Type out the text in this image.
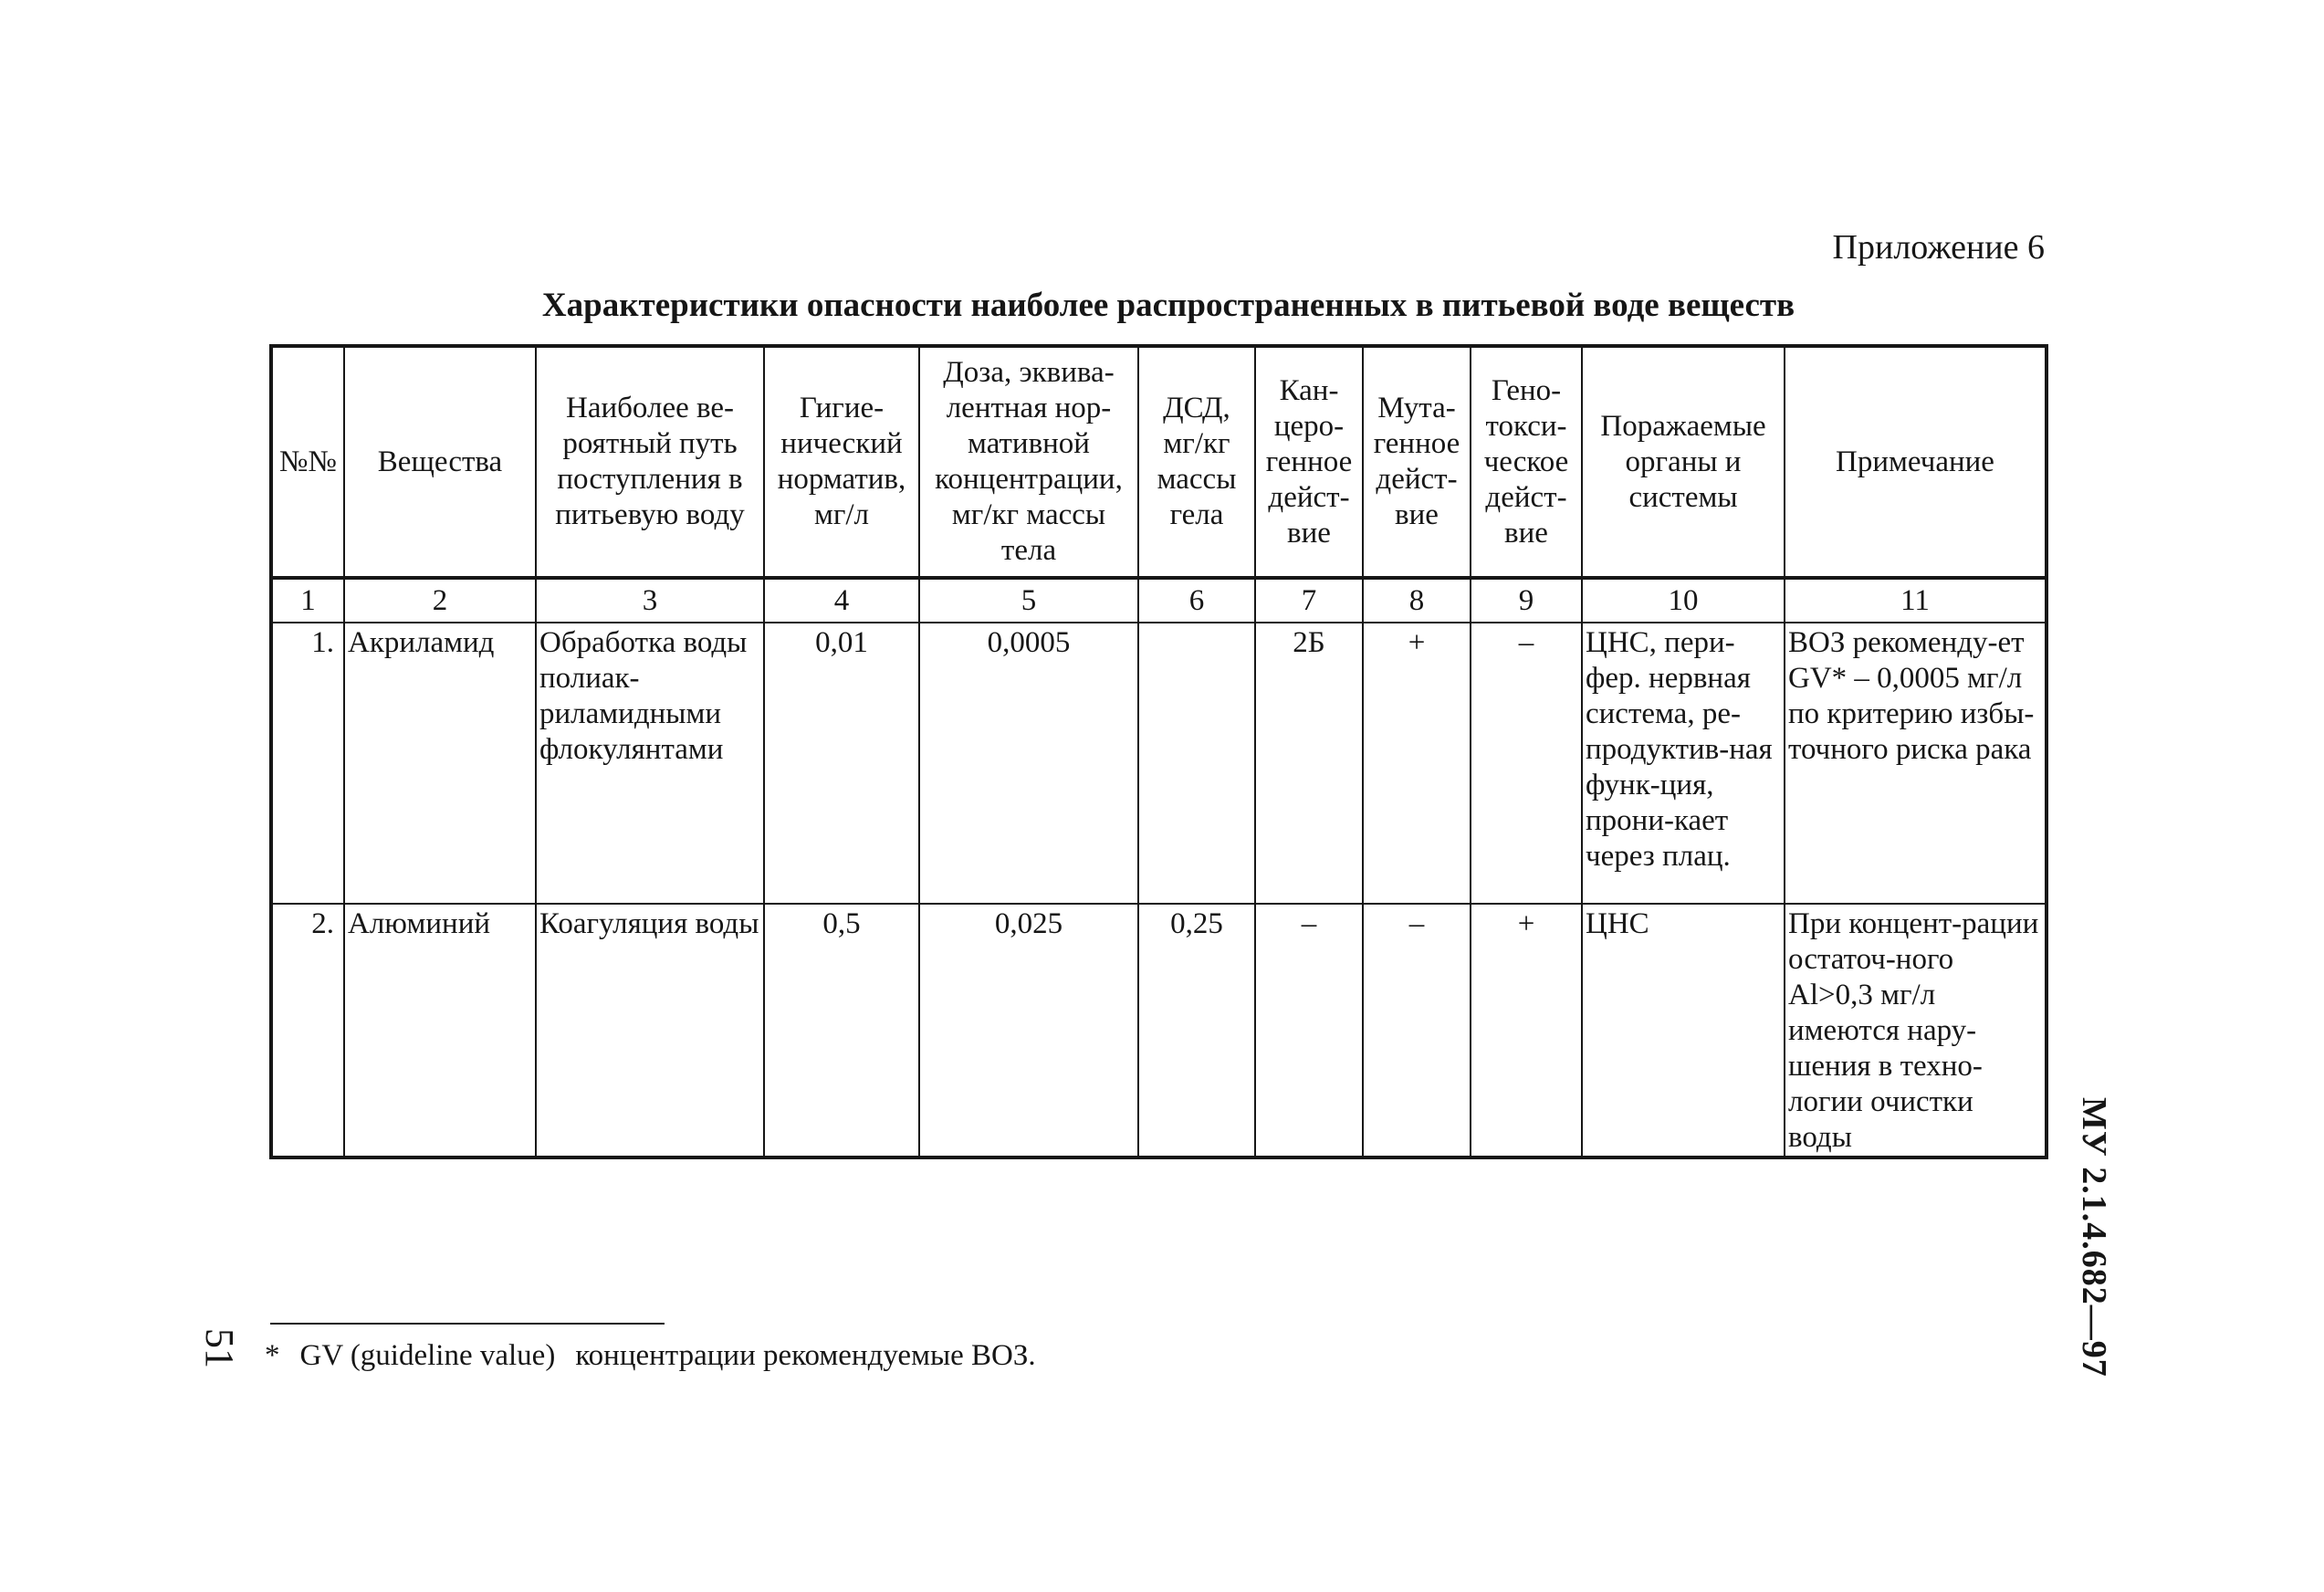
Приложение 6
Характеристики опасности наиболее распространенных в питьевой воде веществ
№№	Вещества	Наиболее ве-роятный путь поступления в питьевую воду	Гигие-нический норматив, мг/л	Доза, эквива-лентная нор-мативной концентрации, мг/кг массы тела	ДСД, мг/кг массы гела	Кан-церо-генное дейст-вие	Мута-генное дейст-вие	Гено-токси-ческое дейст-вие	Поражаемые органы и системы	Примечание
1	2	3	4	5	6	7	8	9	10	11
1.	Акриламид	Обработка воды полиак-риламидными флокулянтами	0,01	0,0005		2Б	+	–	ЦНС, пери-фер. нервная система, ре-продуктив-ная функ-ция, прони-кает через плац.	ВОЗ рекоменду-ет GV* – 0,0005 мг/л по критерию избы-точного риска рака
2.	Алюминий	Коагуляция воды	0,5	0,025	0,25	–	–	+	ЦНС	При концент-рации остаточ-ного Al>0,3 мг/л имеются нару-шения в техно-логии очистки воды	МУ 2.1.4.682—97
51 * GV (guideline value) концентрации рекомендуемые ВОЗ.
